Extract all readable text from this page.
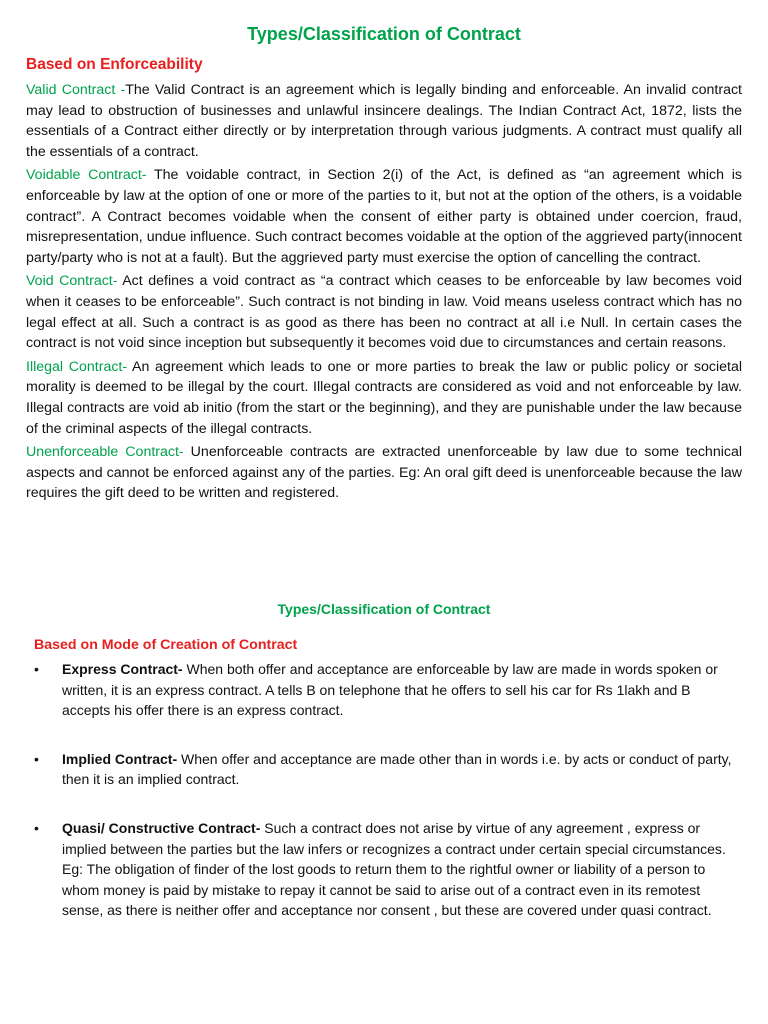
Types/Classification of Contract
Based on Enforceability

Valid Contract -The Valid Contract is an agreement which is legally binding and enforceable. An invalid contract may lead to obstruction of businesses and unlawful insincere dealings. The Indian Contract Act, 1872, lists the essentials of a Contract either directly or by interpretation through various judgments. A contract must qualify all the essentials of a contract.

Voidable Contract- The voidable contract, in Section 2(i) of the Act, is defined as “an agreement which is enforceable by law at the option of one or more of the parties to it, but not at the option of the others, is a voidable contract”. A Contract becomes voidable when the consent of either party is obtained under coercion, fraud, misrepresentation, undue influence. Such contract becomes voidable at the option of the aggrieved party(innocent party/party who is not at a fault). But the aggrieved party must exercise the option of cancelling the contract.

Void Contract- Act defines a void contract as “a contract which ceases to be enforceable by law becomes void when it ceases to be enforceable”. Such contract is not binding in law. Void means useless contract which has no legal effect at all. Such a contract is as good as there has been no contract at all i.e Null. In certain cases the contract is not void since inception but subsequently it becomes void due to circumstances and certain reasons.

Illegal Contract- An agreement which leads to one or more parties to break the law or public policy or societal morality is deemed to be illegal by the court. Illegal contracts are considered as void and not enforceable by law. Illegal contracts are void ab initio (from the start or the beginning), and they are punishable under the law because of the criminal aspects of the illegal contracts.

Unenforceable Contract- Unenforceable contracts are extracted unenforceable by law due to some technical aspects and cannot be enforced against any of the parties. Eg: An oral gift deed is unenforceable because the law requires the gift deed to be written and registered.

Types/Classification of Contract
Based on Mode of Creation of Contract
• Express Contract- When both offer and acceptance are enforceable by law are made in words spoken or written, it is an express contract. A tells B on telephone that he offers to sell his car for Rs 1lakh and B accepts his offer there is an express contract.
• Implied Contract- When offer and acceptance are made other than in words i.e. by acts or conduct of party, then it is an implied contract.
• Quasi/ Constructive Contract- Such a contract does not arise by virtue of any agreement , express or implied between the parties but the law infers or recognizes a contract under certain special circumstances. Eg: The obligation of finder of the lost goods to return them to the rightful owner or liability of a person to whom money is paid by mistake to repay it cannot be said to arise out of a contract even in its remotest sense, as there is neither offer and acceptance nor consent , but these are covered under quasi contract.
